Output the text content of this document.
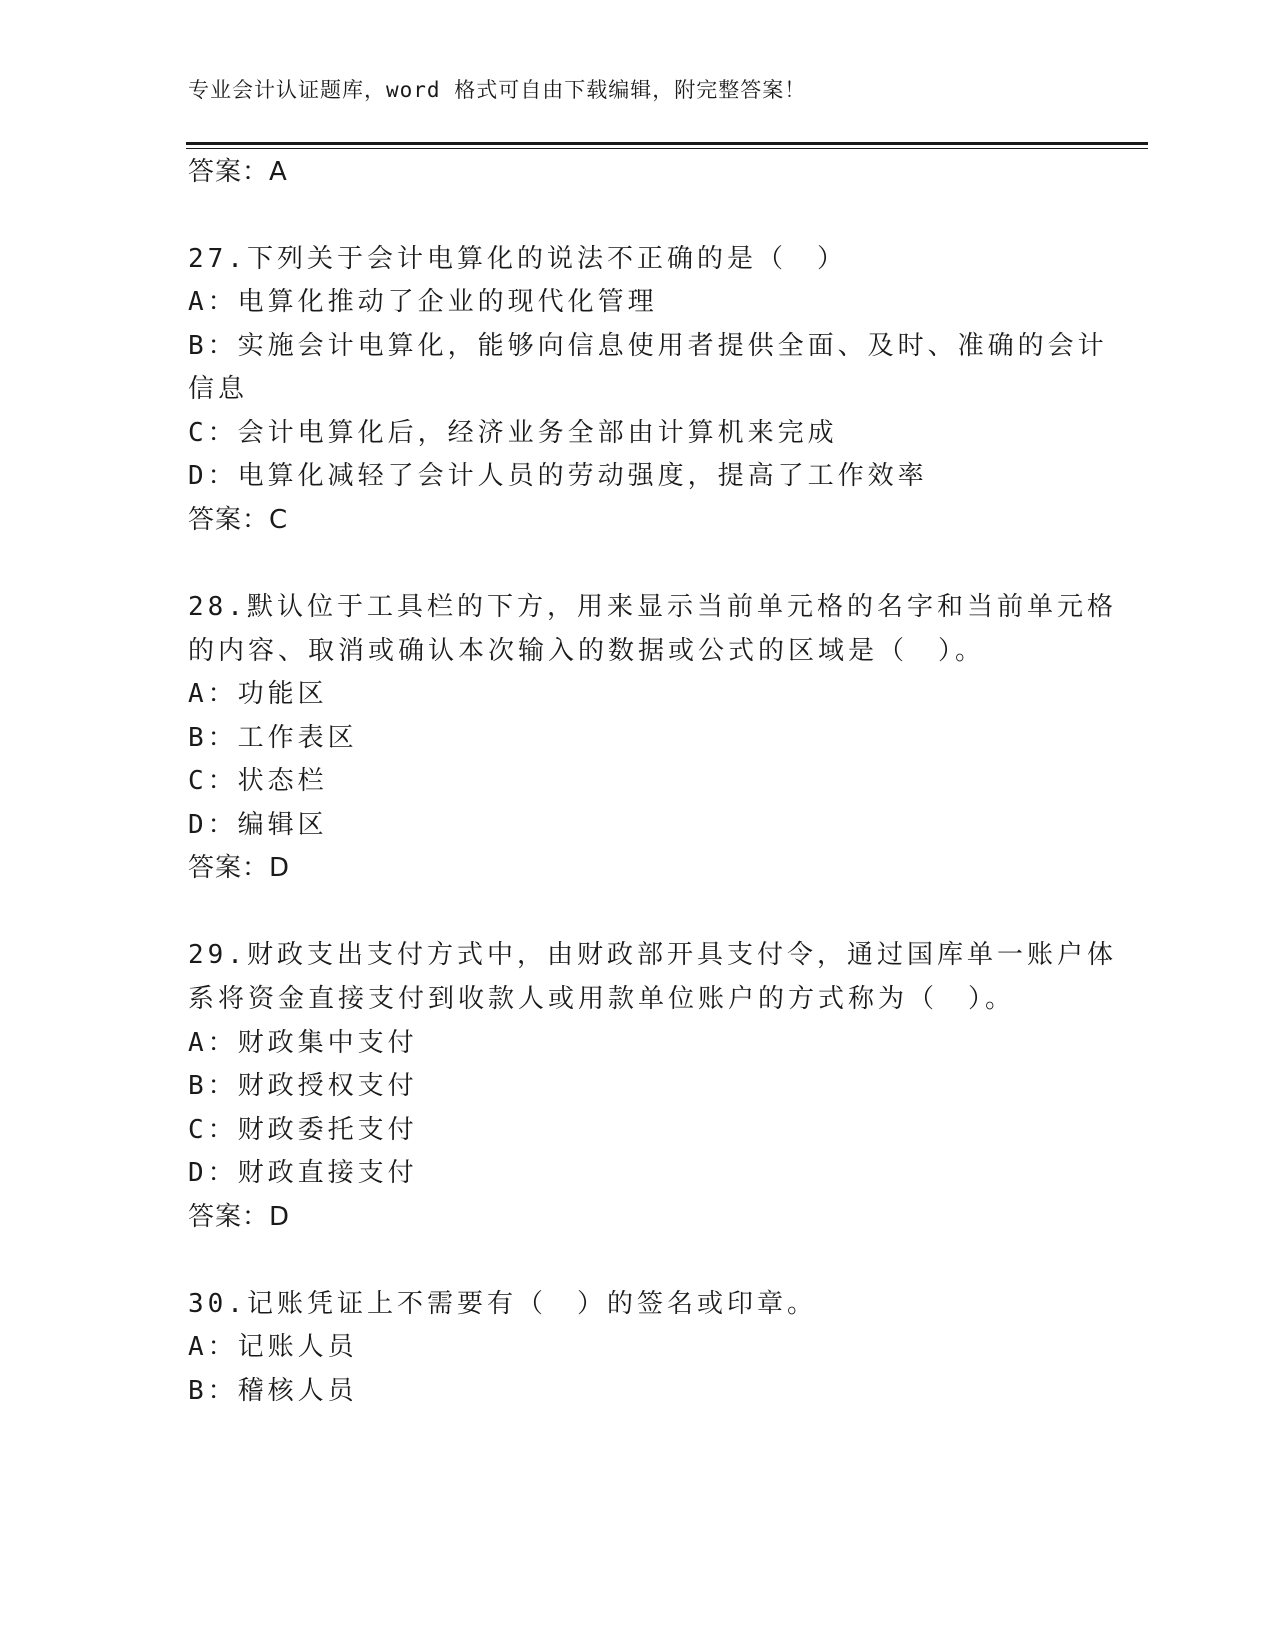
专业会计认证题库，word 格式可自由下载编辑，附完整答案！
答案：A
27.下列关于会计电算化的说法不正确的是（　）
A：电算化推动了企业的现代化管理
B：实施会计电算化，能够向信息使用者提供全面、及时、准确的会计
信息
C：会计电算化后，经济业务全部由计算机来完成
D：电算化减轻了会计人员的劳动强度，提高了工作效率
答案：C
28.默认位于工具栏的下方，用来显示当前单元格的名字和当前单元格
的内容、取消或确认本次输入的数据或公式的区域是（　）。
A：功能区
B：工作表区
C：状态栏
D：编辑区
答案：D
29.财政支出支付方式中，由财政部开具支付令，通过国库单一账户体
系将资金直接支付到收款人或用款单位账户的方式称为（　）。
A：财政集中支付
B：财政授权支付
C：财政委托支付
D：财政直接支付
答案：D
30.记账凭证上不需要有（　）的签名或印章。
A：记账人员
B：稽核人员
